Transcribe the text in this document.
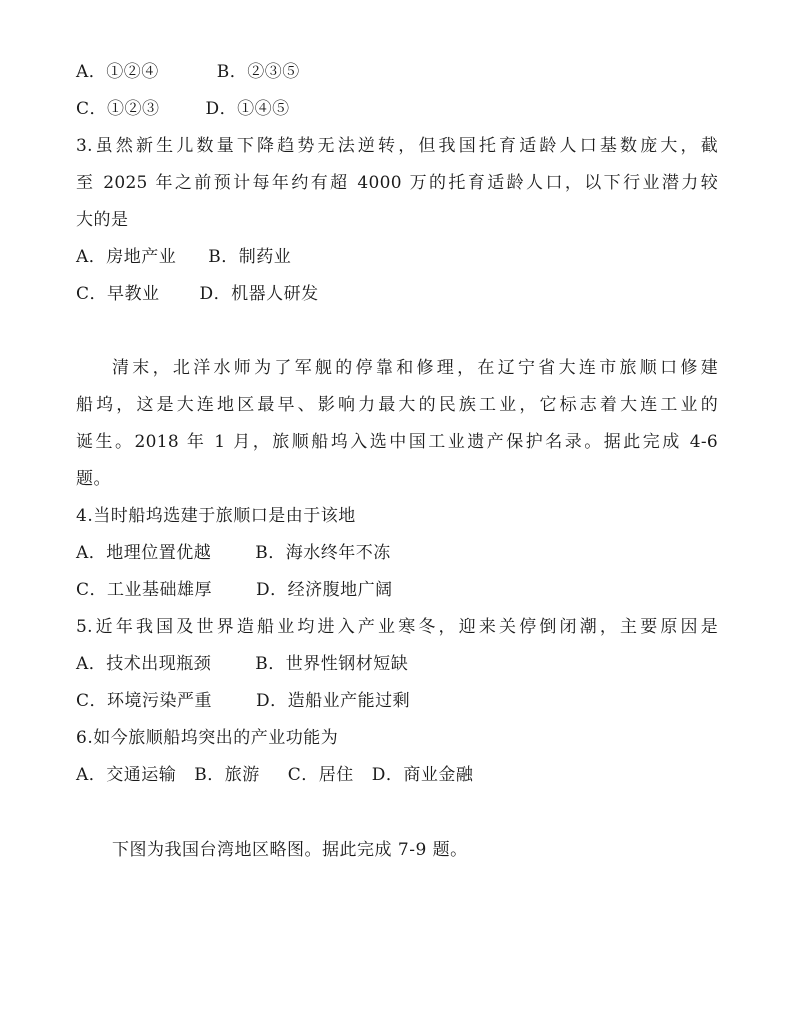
A．①②④	B．②③⑤
C．①②③	D．①④⑤
3.虽然新生儿数量下降趋势无法逆转，但我国托育适龄人口基数庞大，截
至 2025 年之前预计每年约有超 4000 万的托育适龄人口，以下行业潜力较
大的是
A．房地产业 B．制药业
C．早教业 D．机器人研发
清末，北洋水师为了军舰的停靠和修理，在辽宁省大连市旅顺口修建
船坞，这是大连地区最早、影响力最大的民族工业，它标志着大连工业的
诞生。2018 年 1 月，旅顺船坞入选中国工业遗产保护名录。据此完成 4-6
题。
4.当时船坞选建于旅顺口是由于该地
A．地理位置优越	B．海水终年不冻
C．工业基础雄厚	D．经济腹地广阔
5.近年我国及世界造船业均进入产业寒冬，迎来关停倒闭潮，主要原因是
A．技术出现瓶颈	B．世界性钢材短缺
C．环境污染严重	D．造船业产能过剩
6.如今旅顺船坞突出的产业功能为
A．交通运输 B．旅游 C．居住 D．商业金融
下图为我国台湾地区略图。据此完成 7-9 题。
